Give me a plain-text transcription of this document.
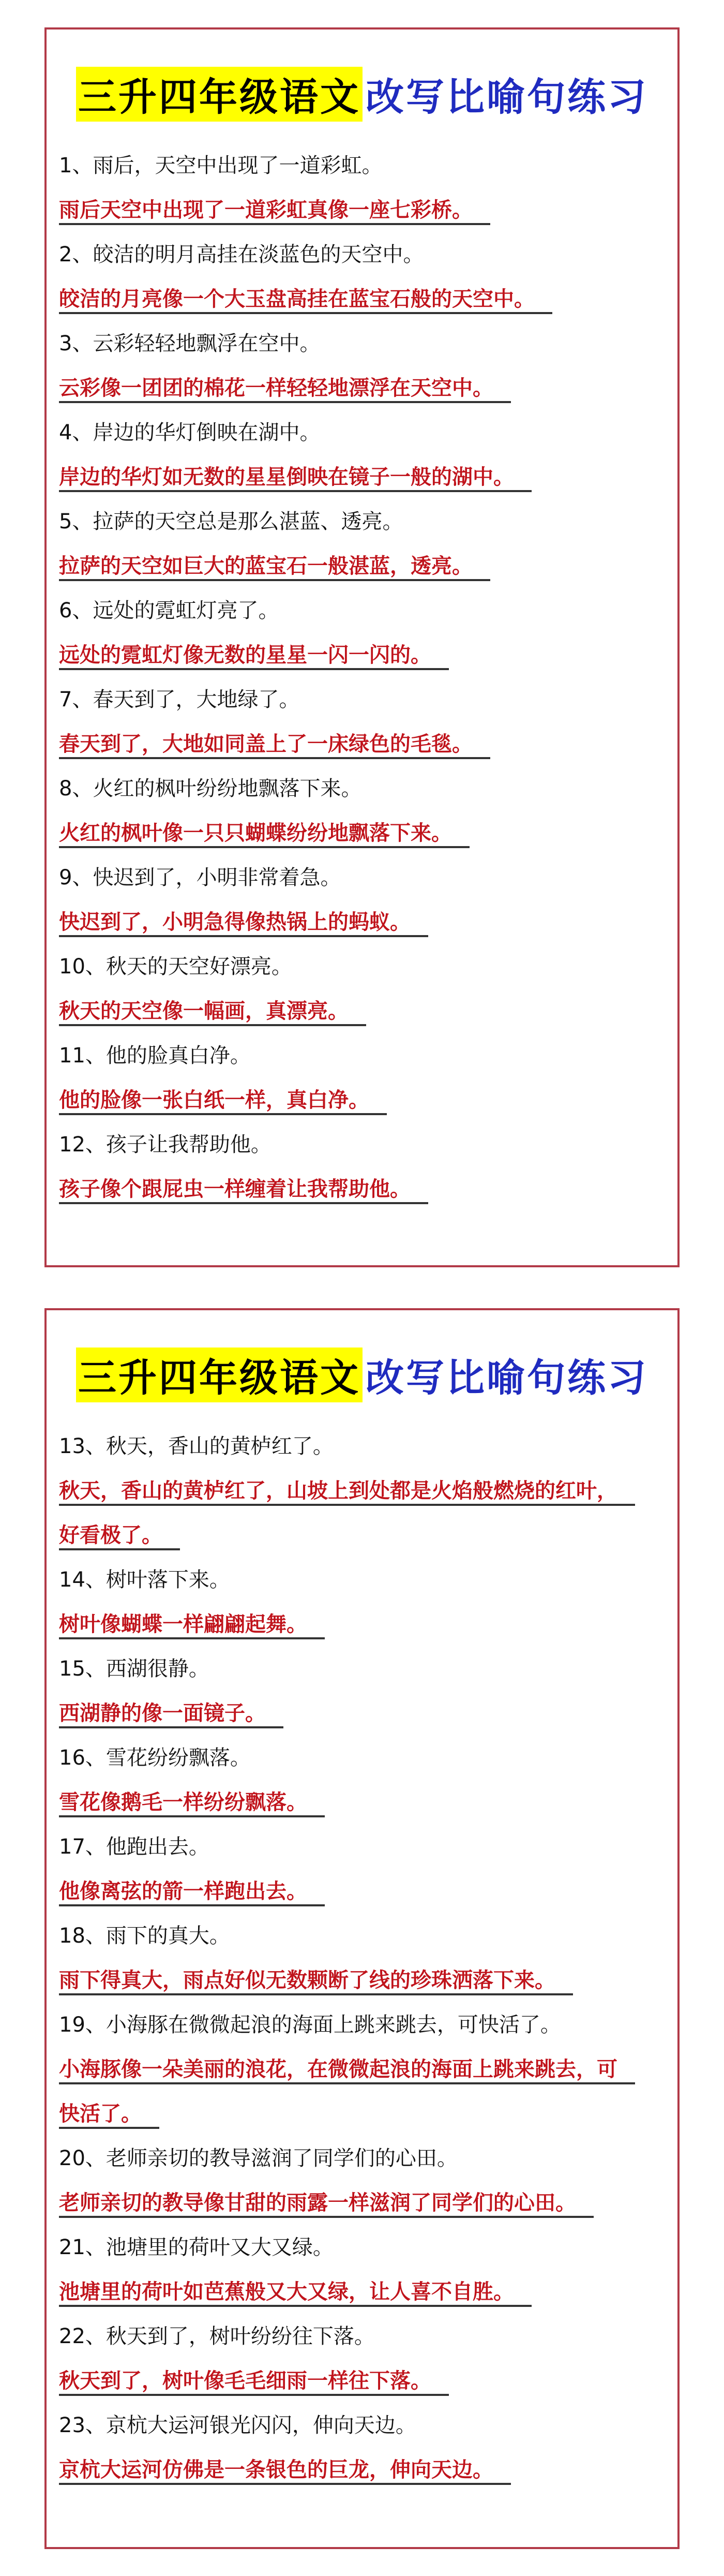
三升四年级语文 改写比喻句练习
1、雨后，天空中出现了一道彩虹。
雨后天空中出现了一道彩虹真像一座七彩桥。
2、皎洁的明月高挂在淡蓝色的天空中。
皎洁的月亮像一个大玉盘高挂在蓝宝石般的天空中。
3、云彩轻轻地飘浮在空中。
云彩像一团团的棉花一样轻轻地漂浮在天空中。
4、岸边的华灯倒映在湖中。
岸边的华灯如无数的星星倒映在镜子一般的湖中。
5、拉萨的天空总是那么湛蓝、透亮。
拉萨的天空如巨大的蓝宝石一般湛蓝，透亮。
6、远处的霓虹灯亮了。
远处的霓虹灯像无数的星星一闪一闪的。
7、春天到了，大地绿了。
春天到了，大地如同盖上了一床绿色的毛毯。
8、火红的枫叶纷纷地飘落下来。
火红的枫叶像一只只蝴蝶纷纷地飘落下来。
9、快迟到了，小明非常着急。
快迟到了，小明急得像热锅上的蚂蚁。
10、秋天的天空好漂亮。
秋天的天空像一幅画，真漂亮。
11、他的脸真白净。
他的脸像一张白纸一样，真白净。
12、孩子让我帮助他。
孩子像个跟屁虫一样缠着让我帮助他。
三升四年级语文 改写比喻句练习
13、秋天，香山的黄栌红了。
秋天，香山的黄栌红了，山坡上到处都是火焰般燃烧的红叶，
好看极了。
14、树叶落下来。
树叶像蝴蝶一样翩翩起舞。
15、西湖很静。
西湖静的像一面镜子。
16、雪花纷纷飘落。
雪花像鹅毛一样纷纷飘落。
17、他跑出去。
他像离弦的箭一样跑出去。
18、雨下的真大。
雨下得真大，雨点好似无数颗断了线的珍珠洒落下来。
19、小海豚在微微起浪的海面上跳来跳去，可快活了。
小海豚像一朵美丽的浪花，在微微起浪的海面上跳来跳去，可
快活了。
20、老师亲切的教导滋润了同学们的心田。
老师亲切的教导像甘甜的雨露一样滋润了同学们的心田。
21、池塘里的荷叶又大又绿。
池塘里的荷叶如芭蕉般又大又绿，让人喜不自胜。
22、秋天到了，树叶纷纷往下落。
秋天到了，树叶像毛毛细雨一样往下落。
23、京杭大运河银光闪闪，伸向天边。
京杭大运河仿佛是一条银色的巨龙，伸向天边。
